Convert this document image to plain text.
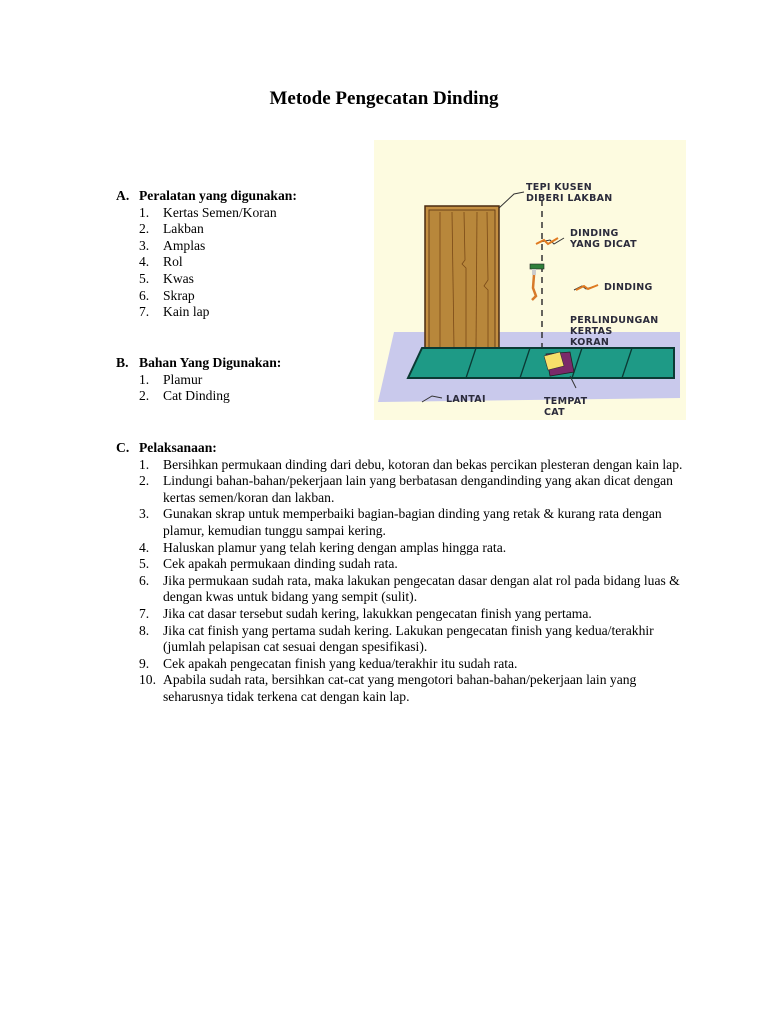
Metode Pengecatan Dinding
A. Peralatan yang digunakan:
1.	Kertas Semen/Koran
2.	Lakban
3.	Amplas
4.	Rol
5.	Kwas
6.	Skrap
7.	Kain lap
B. Bahan Yang Digunakan:
1.	Plamur
2.	Cat Dinding
C. Pelaksanaan:
1.	Bersihkan permukaan dinding dari debu, kotoran dan bekas percikan plesteran dengan kain lap.
2.	Lindungi bahan-bahan/pekerjaan lain yang berbatasan dengandinding yang akan dicat dengan kertas semen/koran dan lakban.
3.	Gunakan skrap untuk memperbaiki bagian-bagian dinding yang retak & kurang rata dengan plamur, kemudian tunggu sampai kering.
4.	Haluskan plamur yang telah kering dengan amplas hingga rata.
5.	Cek apakah permukaan dinding sudah rata.
6.	Jika permukaan sudah rata, maka lakukan pengecatan dasar dengan alat rol pada bidang luas & dengan kwas untuk bidang yang sempit (sulit).
7.	Jika cat dasar tersebut sudah kering, lakukkan pengecatan finish yang pertama.
8.	Jika cat finish yang pertama sudah kering. Lakukan pengecatan finish yang kedua/terakhir (jumlah pelapisan cat sesuai dengan spesifikasi).
9.	Cek apakah pengecatan finish yang kedua/terakhir itu sudah rata.
10. Apabila sudah rata, bersihkan cat-cat yang mengotori bahan-bahan/pekerjaan lain yang seharusnya tidak terkena cat dengan kain lap.
TEPI KUSEN
DIBERI LAKBAN
DINDING
YANG DICAT
DINDING
PERLINDUNGAN
KERTAS
KORAN
LANTAI	TEMPAT
CAT
